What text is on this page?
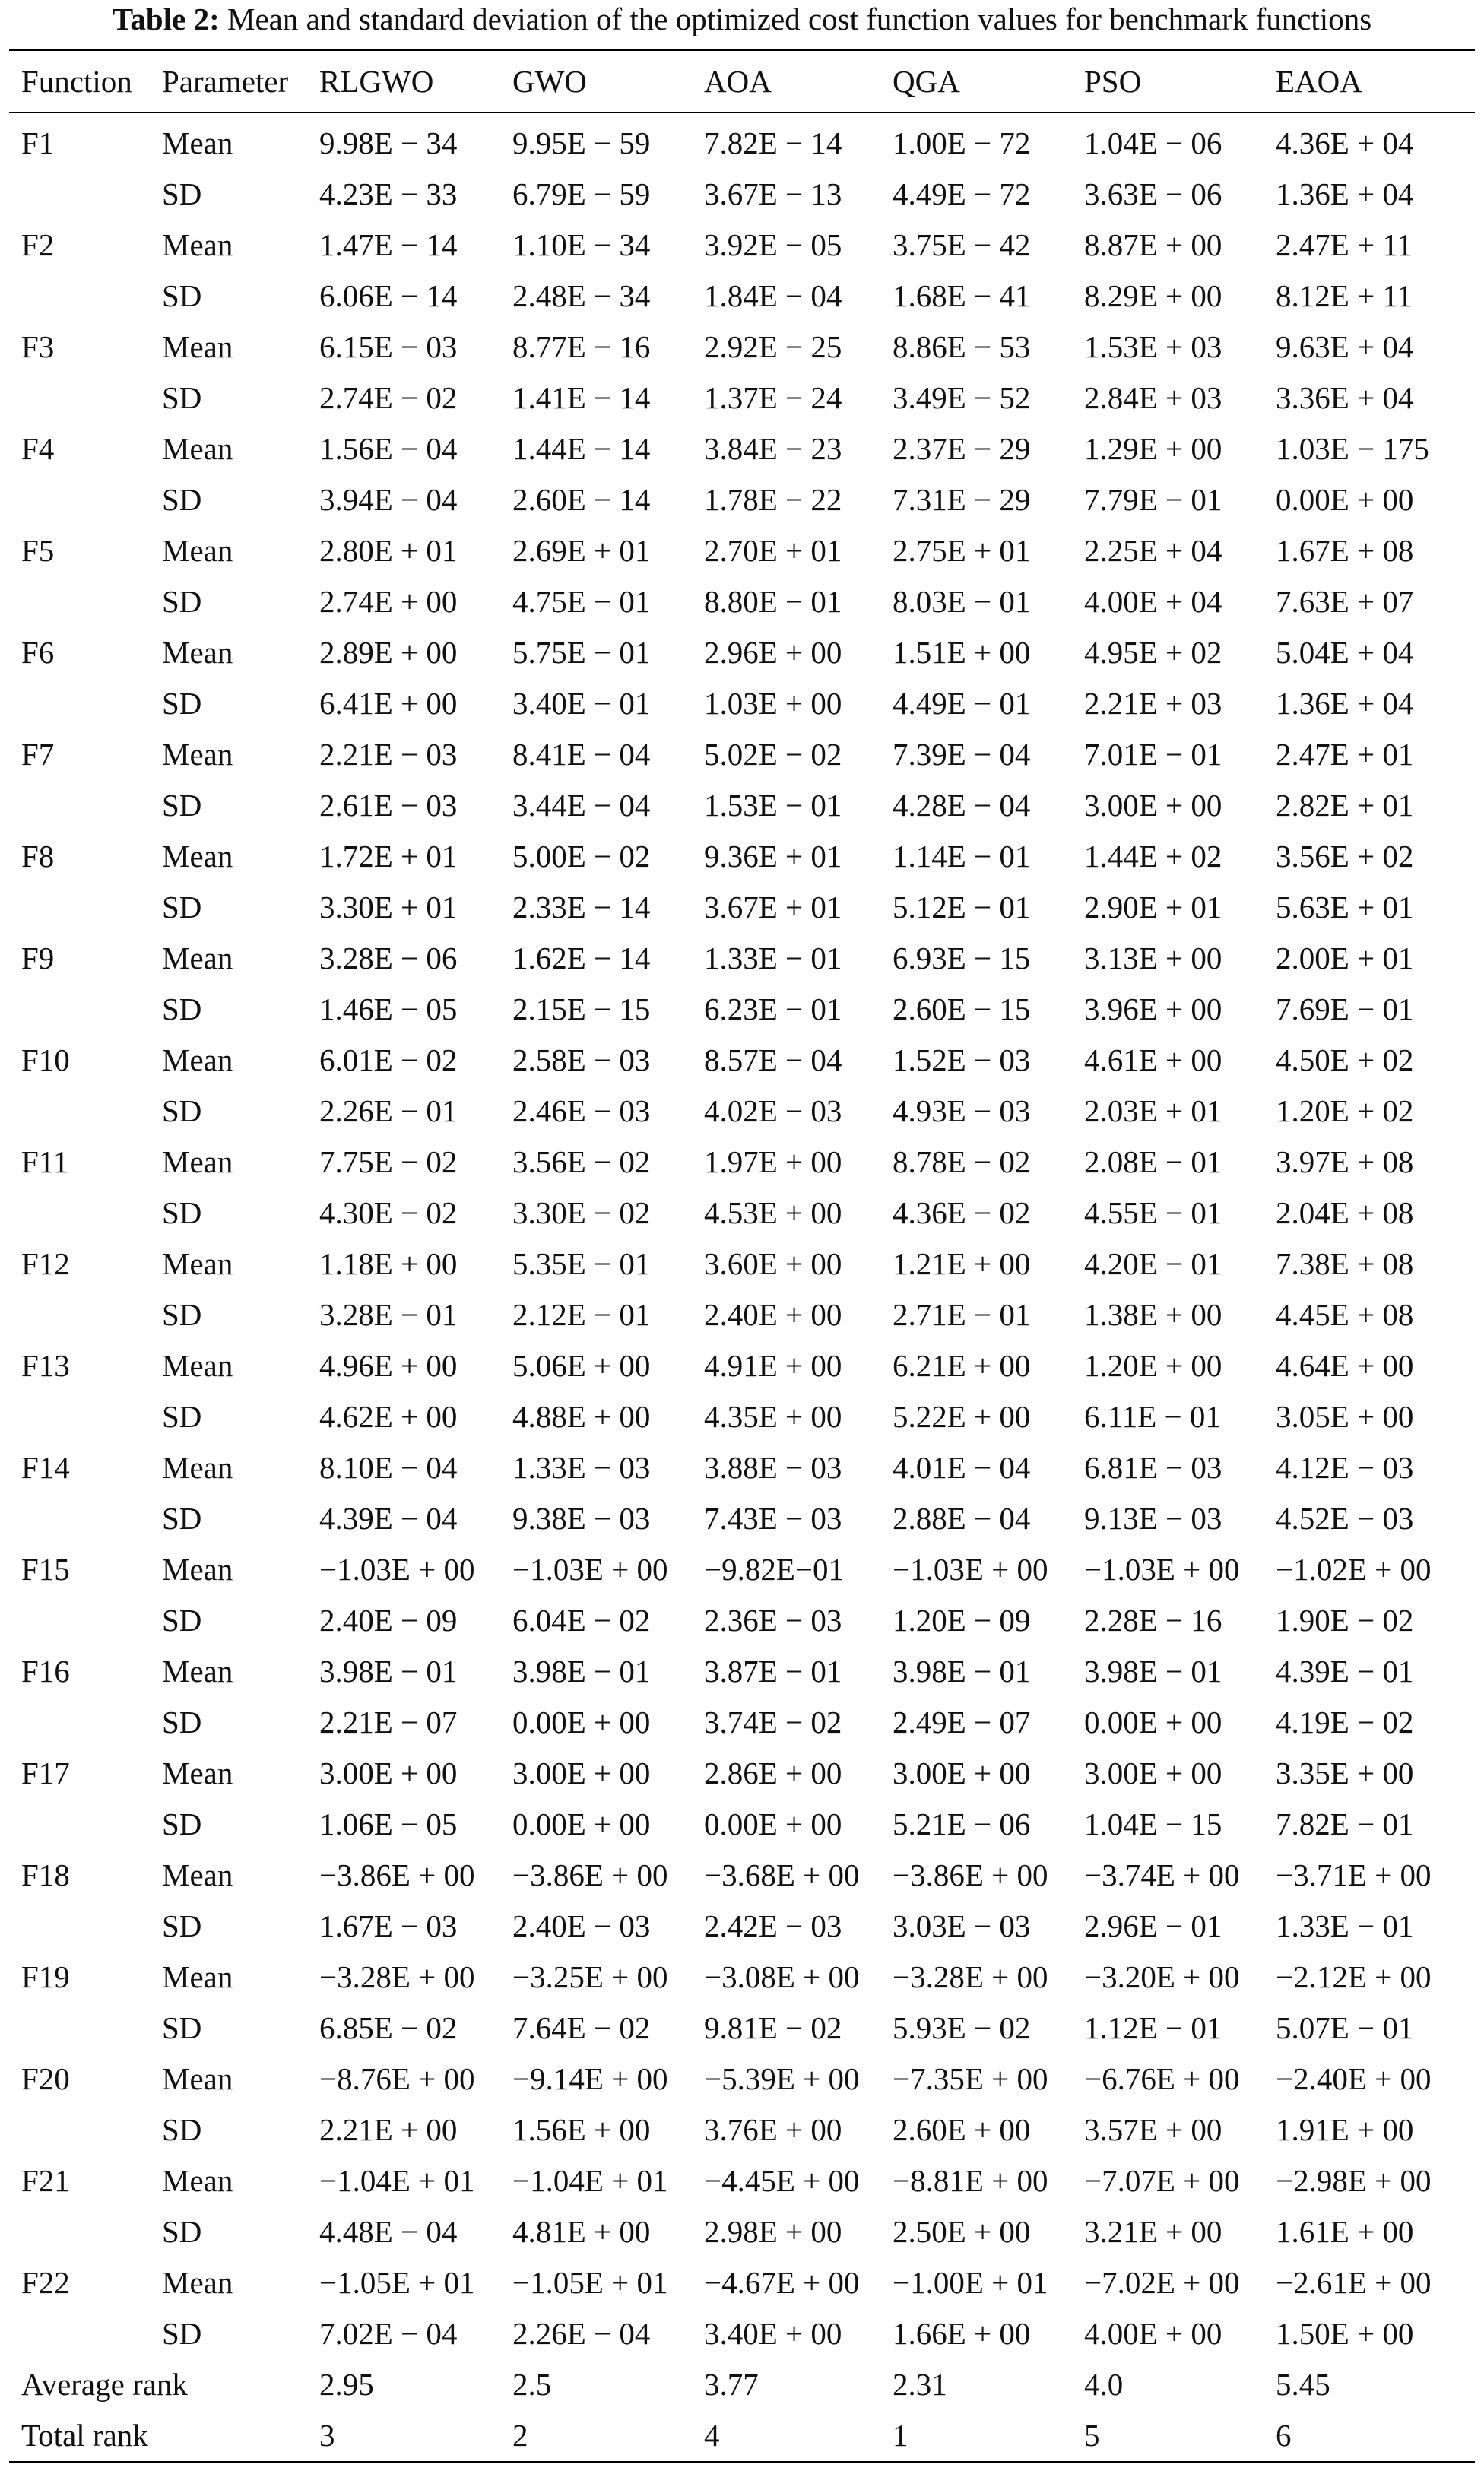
Table 2: Mean and standard deviation of the optimized cost function values for benchmark functions
Function	Parameter	RLGWO	GWO	AOA	QGA	PSO	EAOA
F1	Mean	9.98E − 34	9.95E − 59	7.82E − 14	1.00E − 72	1.04E − 06	4.36E + 04
	SD	4.23E − 33	6.79E − 59	3.67E − 13	4.49E − 72	3.63E − 06	1.36E + 04
F2	Mean	1.47E − 14	1.10E − 34	3.92E − 05	3.75E − 42	8.87E + 00	2.47E + 11
	SD	6.06E − 14	2.48E − 34	1.84E − 04	1.68E − 41	8.29E + 00	8.12E + 11
F3	Mean	6.15E − 03	8.77E − 16	2.92E − 25	8.86E − 53	1.53E + 03	9.63E + 04
	SD	2.74E − 02	1.41E − 14	1.37E − 24	3.49E − 52	2.84E + 03	3.36E + 04
F4	Mean	1.56E − 04	1.44E − 14	3.84E − 23	2.37E − 29	1.29E + 00	1.03E − 175
	SD	3.94E − 04	2.60E − 14	1.78E − 22	7.31E − 29	7.79E − 01	0.00E + 00
F5	Mean	2.80E + 01	2.69E + 01	2.70E + 01	2.75E + 01	2.25E + 04	1.67E + 08
	SD	2.74E + 00	4.75E − 01	8.80E − 01	8.03E − 01	4.00E + 04	7.63E + 07
F6	Mean	2.89E + 00	5.75E − 01	2.96E + 00	1.51E + 00	4.95E + 02	5.04E + 04
	SD	6.41E + 00	3.40E − 01	1.03E + 00	4.49E − 01	2.21E + 03	1.36E + 04
F7	Mean	2.21E − 03	8.41E − 04	5.02E − 02	7.39E − 04	7.01E − 01	2.47E + 01
	SD	2.61E − 03	3.44E − 04	1.53E − 01	4.28E − 04	3.00E + 00	2.82E + 01
F8	Mean	1.72E + 01	5.00E − 02	9.36E + 01	1.14E − 01	1.44E + 02	3.56E + 02
	SD	3.30E + 01	2.33E − 14	3.67E + 01	5.12E − 01	2.90E + 01	5.63E + 01
F9	Mean	3.28E − 06	1.62E − 14	1.33E − 01	6.93E − 15	3.13E + 00	2.00E + 01
	SD	1.46E − 05	2.15E − 15	6.23E − 01	2.60E − 15	3.96E + 00	7.69E − 01
F10	Mean	6.01E − 02	2.58E − 03	8.57E − 04	1.52E − 03	4.61E + 00	4.50E + 02
	SD	2.26E − 01	2.46E − 03	4.02E − 03	4.93E − 03	2.03E + 01	1.20E + 02
F11	Mean	7.75E − 02	3.56E − 02	1.97E + 00	8.78E − 02	2.08E − 01	3.97E + 08
	SD	4.30E − 02	3.30E − 02	4.53E + 00	4.36E − 02	4.55E − 01	2.04E + 08
F12	Mean	1.18E + 00	5.35E − 01	3.60E + 00	1.21E + 00	4.20E − 01	7.38E + 08
	SD	3.28E − 01	2.12E − 01	2.40E + 00	2.71E − 01	1.38E + 00	4.45E + 08
F13	Mean	4.96E + 00	5.06E + 00	4.91E + 00	6.21E + 00	1.20E + 00	4.64E + 00
	SD	4.62E + 00	4.88E + 00	4.35E + 00	5.22E + 00	6.11E − 01	3.05E + 00
F14	Mean	8.10E − 04	1.33E − 03	3.88E − 03	4.01E − 04	6.81E − 03	4.12E − 03
	SD	4.39E − 04	9.38E − 03	7.43E − 03	2.88E − 04	9.13E − 03	4.52E − 03
F15	Mean	−1.03E + 00	−1.03E + 00	−9.82E−01	−1.03E + 00	−1.03E + 00	−1.02E + 00
	SD	2.40E − 09	6.04E − 02	2.36E − 03	1.20E − 09	2.28E − 16	1.90E − 02
F16	Mean	3.98E − 01	3.98E − 01	3.87E − 01	3.98E − 01	3.98E − 01	4.39E − 01
	SD	2.21E − 07	0.00E + 00	3.74E − 02	2.49E − 07	0.00E + 00	4.19E − 02
F17	Mean	3.00E + 00	3.00E + 00	2.86E + 00	3.00E + 00	3.00E + 00	3.35E + 00
	SD	1.06E − 05	0.00E + 00	0.00E + 00	5.21E − 06	1.04E − 15	7.82E − 01
F18	Mean	−3.86E + 00	−3.86E + 00	−3.68E + 00	−3.86E + 00	−3.74E + 00	−3.71E + 00
	SD	1.67E − 03	2.40E − 03	2.42E − 03	3.03E − 03	2.96E − 01	1.33E − 01
F19	Mean	−3.28E + 00	−3.25E + 00	−3.08E + 00	−3.28E + 00	−3.20E + 00	−2.12E + 00
	SD	6.85E − 02	7.64E − 02	9.81E − 02	5.93E − 02	1.12E − 01	5.07E − 01
F20	Mean	−8.76E + 00	−9.14E + 00	−5.39E + 00	−7.35E + 00	−6.76E + 00	−2.40E + 00
	SD	2.21E + 00	1.56E + 00	3.76E + 00	2.60E + 00	3.57E + 00	1.91E + 00
F21	Mean	−1.04E + 01	−1.04E + 01	−4.45E + 00	−8.81E + 00	−7.07E + 00	−2.98E + 00
	SD	4.48E − 04	4.81E + 00	2.98E + 00	2.50E + 00	3.21E + 00	1.61E + 00
F22	Mean	−1.05E + 01	−1.05E + 01	−4.67E + 00	−1.00E + 01	−7.02E + 00	−2.61E + 00
	SD	7.02E − 04	2.26E − 04	3.40E + 00	1.66E + 00	4.00E + 00	1.50E + 00
Average rank		2.95	2.5	3.77	2.31	4.0	5.45
Total rank		3	2	4	1	5	6
